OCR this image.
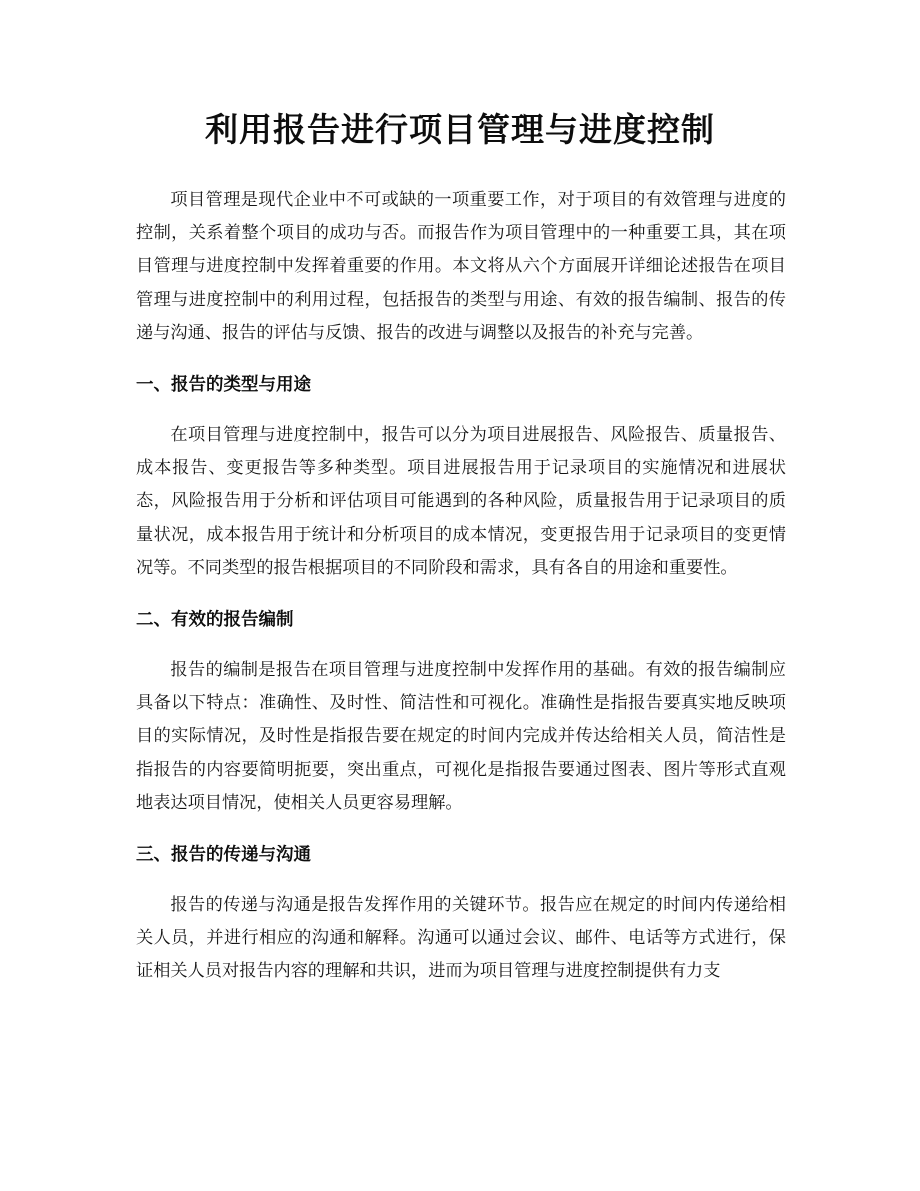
利用报告进行项目管理与进度控制

项目管理是现代企业中不可或缺的一项重要工作，对于项目的有效管理与进度的控制，关系着整个项目的成功与否。而报告作为项目管理中的一种重要工具，其在项目管理与进度控制中发挥着重要的作用。本文将从六个方面展开详细论述报告在项目管理与进度控制中的利用过程，包括报告的类型与用途、有效的报告编制、报告的传递与沟通、报告的评估与反馈、报告的改进与调整以及报告的补充与完善。

一、报告的类型与用途

在项目管理与进度控制中，报告可以分为项目进展报告、风险报告、质量报告、成本报告、变更报告等多种类型。项目进展报告用于记录项目的实施情况和进展状态，风险报告用于分析和评估项目可能遇到的各种风险，质量报告用于记录项目的质量状况，成本报告用于统计和分析项目的成本情况，变更报告用于记录项目的变更情况等。不同类型的报告根据项目的不同阶段和需求，具有各自的用途和重要性。

二、有效的报告编制

报告的编制是报告在项目管理与进度控制中发挥作用的基础。有效的报告编制应具备以下特点：准确性、及时性、简洁性和可视化。准确性是指报告要真实地反映项目的实际情况，及时性是指报告要在规定的时间内完成并传达给相关人员，简洁性是指报告的内容要简明扼要，突出重点，可视化是指报告要通过图表、图片等形式直观地表达项目情况，使相关人员更容易理解。

三、报告的传递与沟通

报告的传递与沟通是报告发挥作用的关键环节。报告应在规定的时间内传递给相关人员，并进行相应的沟通和解释。沟通可以通过会议、邮件、电话等方式进行，保证相关人员对报告内容的理解和共识，进而为项目管理与进度控制提供有力支
